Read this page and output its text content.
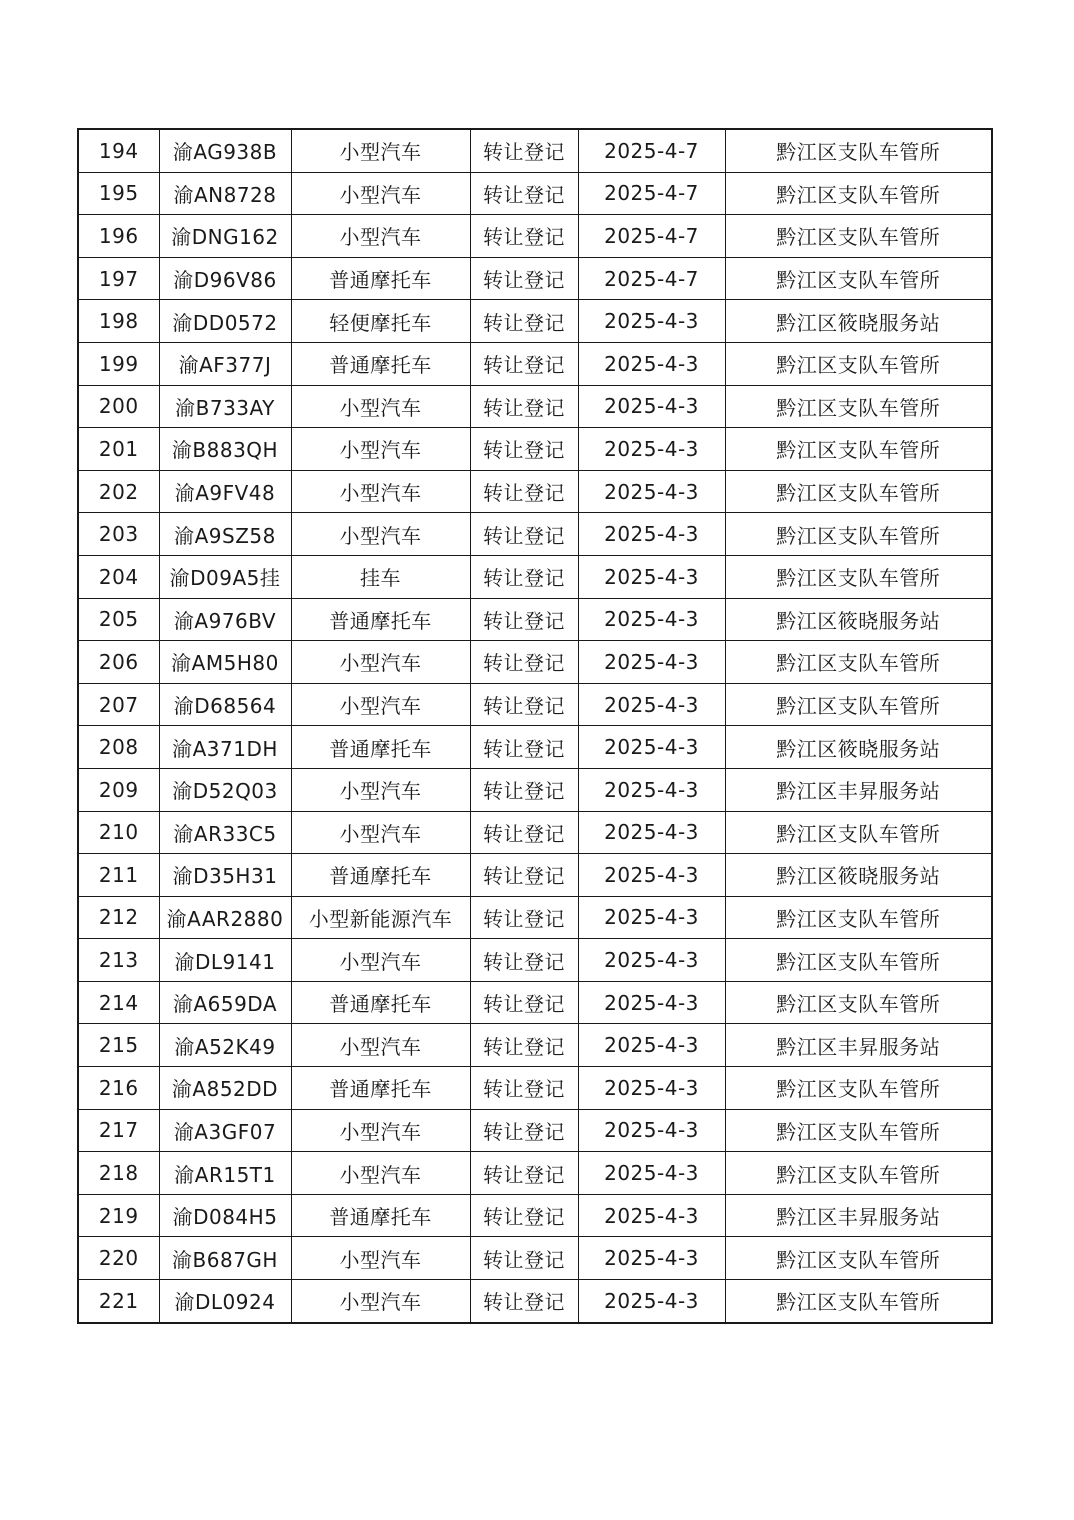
194	渝AG938B	小型汽车	转让登记	2025-4-7	黔江区支队车管所
195	渝AN8728	小型汽车	转让登记	2025-4-7	黔江区支队车管所
196	渝DNG162	小型汽车	转让登记	2025-4-7	黔江区支队车管所
197	渝D96V86	普通摩托车	转让登记	2025-4-7	黔江区支队车管所
198	渝DD0572	轻便摩托车	转让登记	2025-4-3	黔江区筱晓服务站
199	渝AF377J	普通摩托车	转让登记	2025-4-3	黔江区支队车管所
200	渝B733AY	小型汽车	转让登记	2025-4-3	黔江区支队车管所
201	渝B883QH	小型汽车	转让登记	2025-4-3	黔江区支队车管所
202	渝A9FV48	小型汽车	转让登记	2025-4-3	黔江区支队车管所
203	渝A9SZ58	小型汽车	转让登记	2025-4-3	黔江区支队车管所
204	渝D09A5挂	挂车	转让登记	2025-4-3	黔江区支队车管所
205	渝A976BV	普通摩托车	转让登记	2025-4-3	黔江区筱晓服务站
206	渝AM5H80	小型汽车	转让登记	2025-4-3	黔江区支队车管所
207	渝D68564	小型汽车	转让登记	2025-4-3	黔江区支队车管所
208	渝A371DH	普通摩托车	转让登记	2025-4-3	黔江区筱晓服务站
209	渝D52Q03	小型汽车	转让登记	2025-4-3	黔江区丰昇服务站
210	渝AR33C5	小型汽车	转让登记	2025-4-3	黔江区支队车管所
211	渝D35H31	普通摩托车	转让登记	2025-4-3	黔江区筱晓服务站
212	渝AAR2880	小型新能源汽车	转让登记	2025-4-3	黔江区支队车管所
213	渝DL9141	小型汽车	转让登记	2025-4-3	黔江区支队车管所
214	渝A659DA	普通摩托车	转让登记	2025-4-3	黔江区支队车管所
215	渝A52K49	小型汽车	转让登记	2025-4-3	黔江区丰昇服务站
216	渝A852DD	普通摩托车	转让登记	2025-4-3	黔江区支队车管所
217	渝A3GF07	小型汽车	转让登记	2025-4-3	黔江区支队车管所
218	渝AR15T1	小型汽车	转让登记	2025-4-3	黔江区支队车管所
219	渝D084H5	普通摩托车	转让登记	2025-4-3	黔江区丰昇服务站
220	渝B687GH	小型汽车	转让登记	2025-4-3	黔江区支队车管所
221	渝DL0924	小型汽车	转让登记	2025-4-3	黔江区支队车管所
